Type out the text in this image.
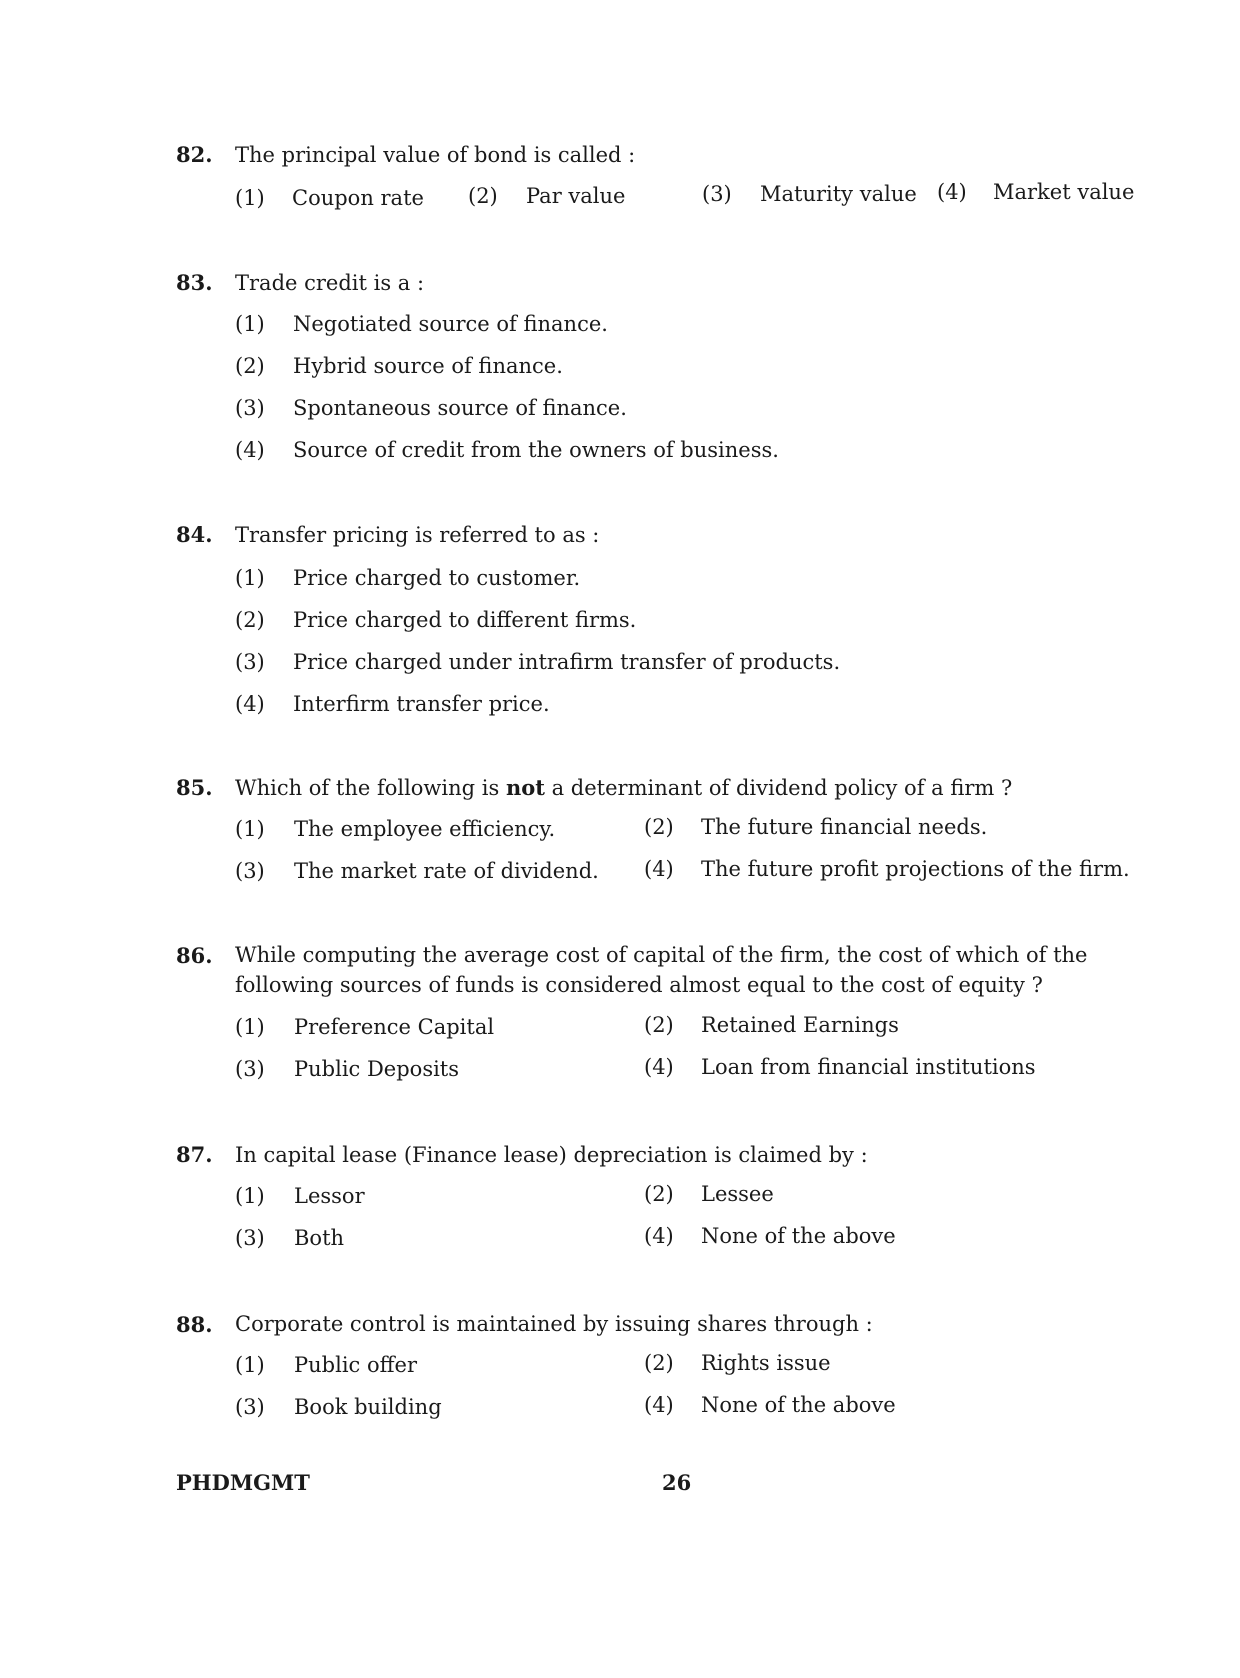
82. The principal value of bond is called :
(1) Coupon rate (2) Par value	(3) Maturity value (4) Market value
83. Trade credit is a :
(1) Negotiated source of finance.
(2) Hybrid source of finance.
(3) Spontaneous source of finance.
(4) Source of credit from the owners of business.
84. Transfer pricing is referred to as :
(1) Price charged to customer.
(2) Price charged to different firms.
(3) Price charged under intrafirm transfer of products.
(4) Interfirm transfer price.
85. Which of the following is not a determinant of dividend policy of a firm ?
(1) The employee efficiency.	(2) The future financial needs.
(3) The market rate of dividend. (4) The future profit projections of the firm.
86. While computing the average cost of capital of the firm, the cost of which of the following sources of funds is considered almost equal to the cost of equity ?
(1) Preference Capital	(2) Retained Earnings
(3) Public Deposits	(4) Loan from financial institutions
87. In capital lease (Finance lease) depreciation is claimed by :
(1) Lessor	(2) Lessee
(3) Both	(4) None of the above
88. Corporate control is maintained by issuing shares through :
(1) Public offer	(2) Rights issue
(3) Book building	(4) None of the above
PHDMGMT	26
